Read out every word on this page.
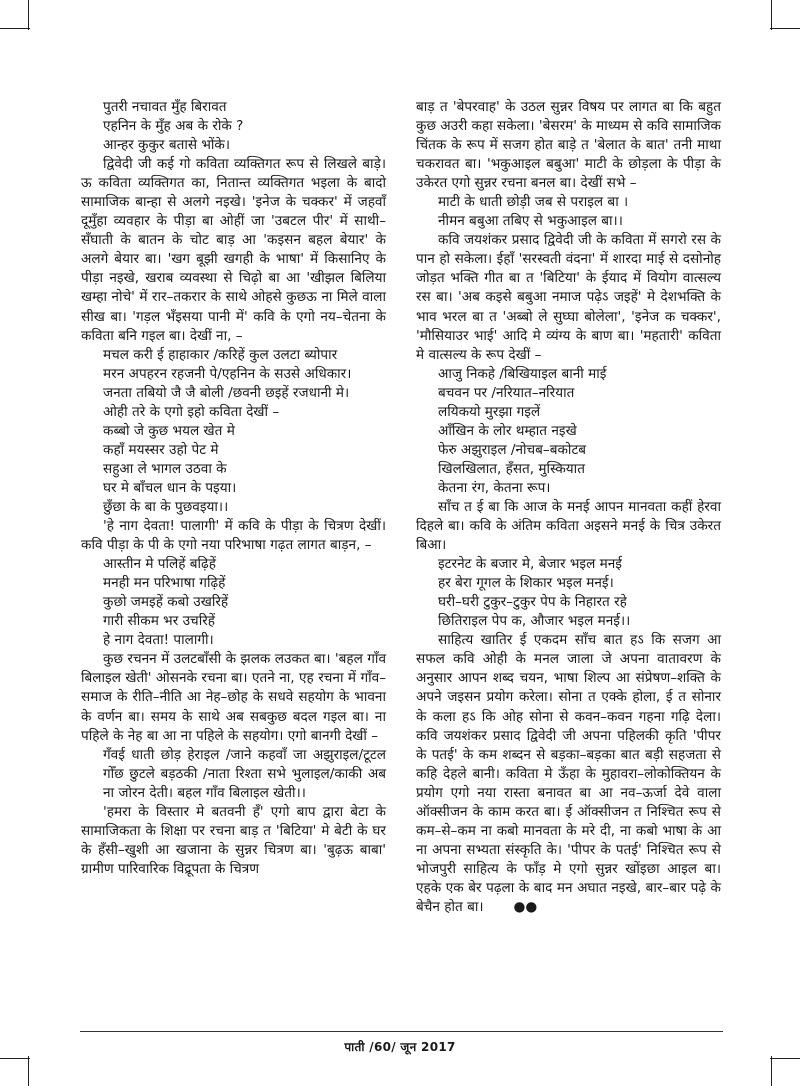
पुतरी नचावत मुँह बिरावत

एहनिन के मुँह अब के रोके ?

आन्हर कुकुर बतासे भोंके।

द्विवेदी जी कई गो कविता व्यक्तिगत रूप से लिखले बाड़े। ऊ कविता व्यक्तिगत का, नितान्त व्यक्तिगत भइला के बादो सामाजिक बान्हा से अलगे नइखे। 'इनेज के चक्कर' में जहवाँ दूमुँहा व्यवहार के पीड़ा बा ओहीं जा 'उबटल पीर' में साथी–सँघाती के बातन के चोट बाड़ आ 'कइसन बहल बेयार' के अलगे बेयार बा। 'खग बूझी खगही के भाषा' में किसानिए के पीड़ा नइखे, खराब व्यवस्था से चिढ़ो बा आ 'खीझल बिलिया खम्हा नोचे' में रार–तकरार के साथे ओहसे कुछऊ ना मिले वाला सीख बा। 'गड़ल भँइसया पानी में' कवि के एगो नय–चेतना के कविता बनि गइल बा। देखीं ना, –

मचल करी ई हाहाकार /करिहें कुल उलटा ब्योपार

मरन अपहरन रहजनी पे/एहनिन के सउसे अधिकार।

जनता तबियो जै जै बोली /छवनी छइहें रजधानी मे।

ओही तरे के एगो इहो कविता देखीं –

कब्बो जे कुछ भयल खेत मे

कहाँ मयस्सर उहो पेट मे

सहुआ ले भागल उठवा के

घर मे बाँचल धान के पइया।

छुँछा के बा के पुछवइया।।

'हे नाग देवता! पालागी' में कवि के पीड़ा के चित्रण देखीं। कवि पीड़ा के पी के एगो नया परिभाषा गढ़त लागत बाड़न, –

आस्तीन मे पलिहें बढ़िहें

मनही मन परिभाषा गढ़िहें

कुछो जमइहें कबो उखरिहें

गारी सीकम भर उचरिहें

हे नाग देवता! पालागी।

कुछ रचनन में उलटबाँसी के झलक लउकत बा। 'बहल गाँव बिलाइल खेती' ओसनके रचना बा। एतने ना, एह रचना में गाँव–समाज के रीति–नीति आ नेह–छोह के सधवे सहयोग के भावना के वर्णन बा। समय के साथे अब सबकुछ बदल गइल बा। ना पहिले के नेह बा आ ना पहिले के सहयोग। एगो बानगी देखीं –

गँवई धाती छोड़ हेराइल /जाने कहवाँ जा अझुराइल/टूटल गोँछ छुटले बड़ठकी /नाता रिश्ता सभे भुलाइल/काकी अब ना जोरन देती। बहल गाँव बिलाइल खेती।।

'हमरा के विस्तार मे बतवनी हँ' एगो बाप द्वारा बेटा के सामाजिकता के शिक्षा पर रचना बाड़ त 'बिटिया' मे बेटी के घर के हँसी–खुशी आ खजाना के सुन्नर चित्रण बा। 'बुढ़ऊ बाबा' ग्रामीण पारिवारिक विद्रूपता के चित्रण

बाड़ त 'बेपरवाह' के उठल सुन्नर विषय पर लागत बा कि बहुत कुछ अउरी कहा सकेला। 'बेसरम' के माध्यम से कवि सामाजिक चिंतक के रूप में सजग होत बाड़े त 'बेलात के बात' तनी माथा चकरावत बा। 'भकुआइल बबुआ' माटी के छोड़ला के पीड़ा के उकेरत एगो सुन्नर रचना बनल बा। देखीं सभे –

माटी के धाती छोड़ी जब से पराइल बा ।

नीमन बबुआ तबिए से भकुआइल बा।।

कवि जयशंकर प्रसाद द्विवेदी जी के कविता में सगरो रस के पान हो सकेला। ईहाँ 'सरस्वती वंदना' में शारदा माई से दसोनोह जोड़त भक्ति गीत बा त 'बिटिया' के ईयाद में वियोग वात्सल्य रस बा। 'अब कइसे बबुआ नमाज पढ़ेऽ जइहें' मे देशभक्ति के भाव भरल बा त 'अब्बो ले सुघ्घा बोलेला', 'इनेज क चक्कर', 'मौसियाउर भाई' आदि मे व्यंग्य के बाण बा। 'महतारी' कविता मे वात्सल्य के रूप देखीं –

आजु निकहे /बिखियाइल बानी माई

बचवन पर /नरियात–नरियात

लयिकयो मुरझा गइलें

आँखिन के लोर थम्हात नइखे

फेरु अझुराइल /नोचब–बकोटब

खिलखिलात, हँसत, मुस्कियात

केतना रंग, केतना रूप।

साँच त ई बा कि आज के मनई आपन मानवता कहीं हेरवा दिहले बा। कवि के अंतिम कविता अइसने मनई के चित्र उकेरत बिआ।

इटरनेट के बजार मे, बेजार भइल मनई

हर बेरा गूगल के शिकार भइल मनई।

घरी–घरी टुकुर–टुकुर पेप के निहारत रहे

छितिराइल पेप क, औजार भइल मनई।।

साहित्य खातिर ई एकदम साँच बात हऽ कि सजग आ सफल कवि ओही के मनल जाला जे अपना वातावरण के अनुसार आपन शब्द चयन, भाषा शिल्प आ संप्रेषण–शक्ति के अपने जइसन प्रयोग करेला। सोना त एक्के होला, ई त सोनार के कला हऽ कि ओह सोना से कवन–कवन गहना गढ़ि देला। कवि जयशंकर प्रसाद द्विवेदी जी अपना पहिलकी कृति 'पीपर के पतई' के कम शब्दन से बड़का–बड़का बात बड़ी सहजता से कहि देहले बानी। कविता मे ऊँहा के मुहावरा–लोकोक्तियन के प्रयोग एगो नया रास्ता बनावत बा आ नव–ऊर्जा देवे वाला ऑक्सीजन के काम करत बा। ई ऑक्सीजन त निश्चित रूप से कम–से–कम ना कबो मानवता के मरे दी, ना कबो भाषा के आ ना अपना सभ्यता संस्कृति के। 'पीपर के पतई' निश्चित रूप से भोजपुरी साहित्य के फाँड़ मे एगो सुन्नर खोंइछा आइल बा। एहके एक बेर पढ़ला के बाद मन अघात नइखे, बार–बार पढ़े के बेचैन होत बा। ●●

पाती /60/ जून 2017
